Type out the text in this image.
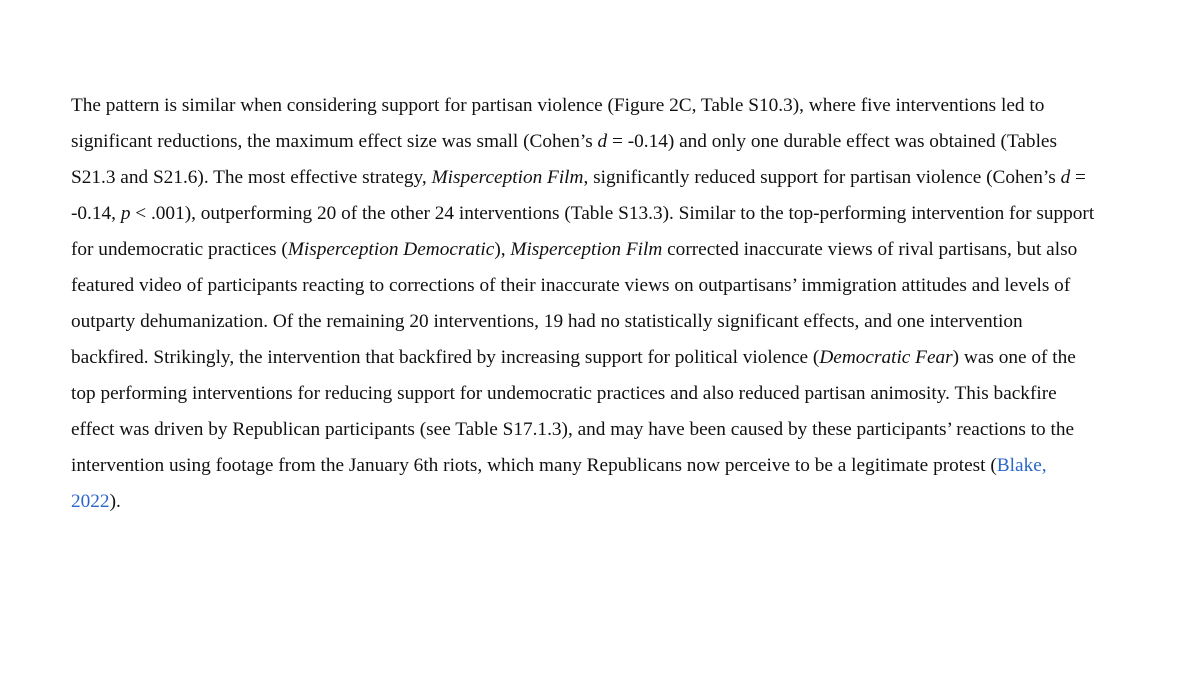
The pattern is similar when considering support for partisan violence (Figure 2C, Table S10.3), where five interventions led to
significant reductions, the maximum effect size was small (Cohen’s d = -0.14) and only one durable effect was obtained (Tables
S21.3 and S21.6). The most effective strategy, Misperception Film, significantly reduced support for partisan violence (Cohen’s d =
-0.14, p < .001), outperforming 20 of the other 24 interventions (Table S13.3). Similar to the top-performing intervention for support
for undemocratic practices (Misperception Democratic), Misperception Film corrected inaccurate views of rival partisans, but also
featured video of participants reacting to corrections of their inaccurate views on outpartisans’ immigration attitudes and levels of
outparty dehumanization. Of the remaining 20 interventions, 19 had no statistically significant effects, and one intervention
backfired. Strikingly, the intervention that backfired by increasing support for political violence (Democratic Fear) was one of the
top performing interventions for reducing support for undemocratic practices and also reduced partisan animosity. This backfire
effect was driven by Republican participants (see Table S17.1.3), and may have been caused by these participants’ reactions to the
intervention using footage from the January 6th riots, which many Republicans now perceive to be a legitimate protest (Blake,
2022).
